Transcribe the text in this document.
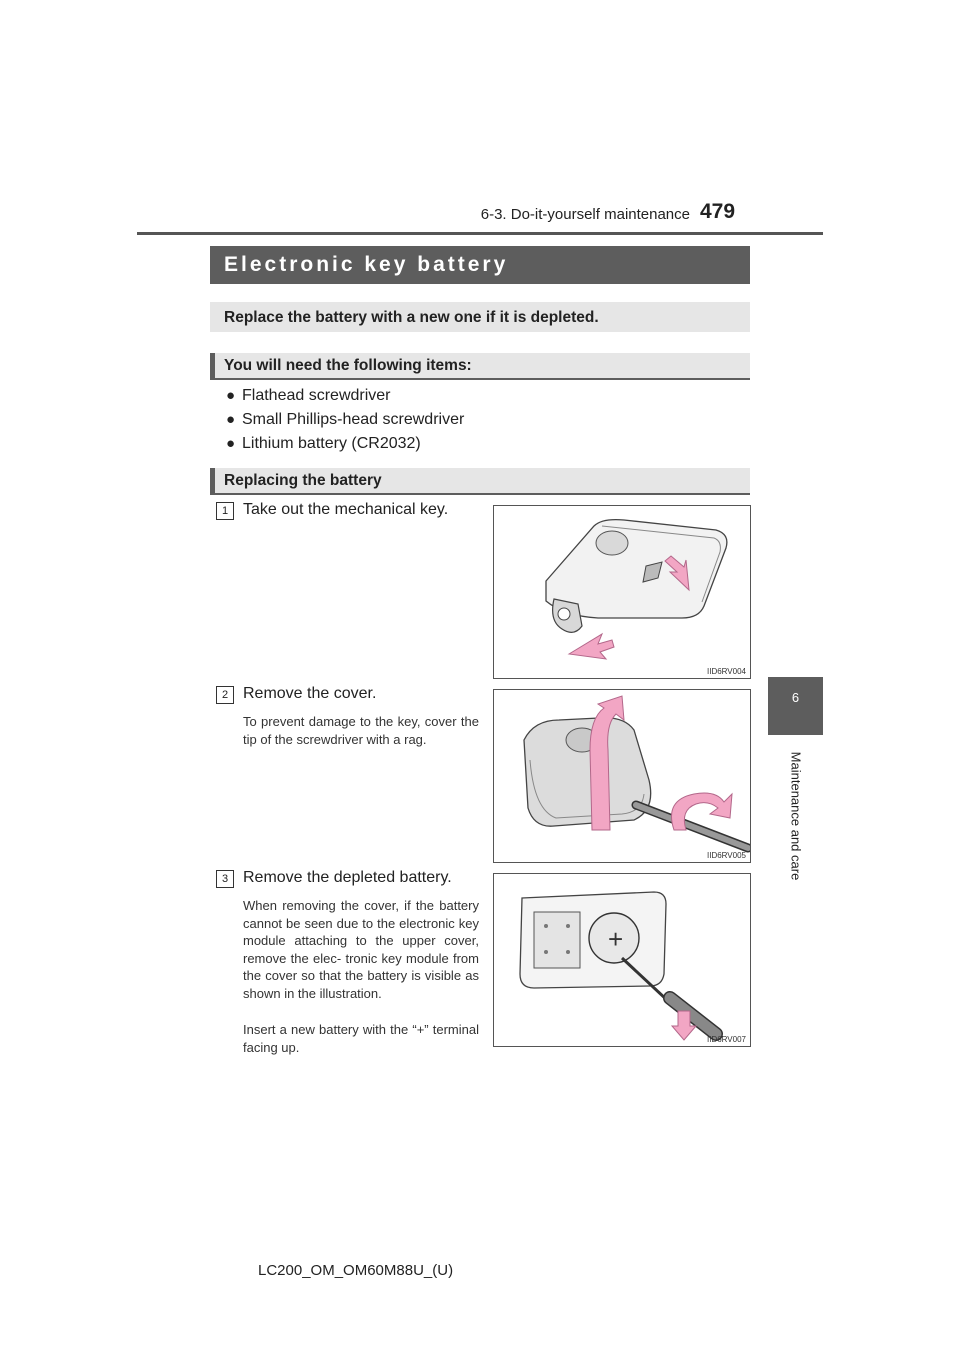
6-3. Do-it-yourself maintenance 479
6
Maintenance and care
Electronic key battery
Replace the battery with a new one if it is depleted.
You will need the following items:
● Flathead screwdriver
● Small Phillips-head screwdriver
● Lithium battery (CR2032)
Replacing the battery
1 Take out the mechanical key.
IID6RV004
2 Remove the cover.
To prevent damage to the key, cover the tip of the screwdriver with a rag.
IID6RV005
3 Remove the depleted battery.
When removing the cover, if the battery cannot be seen due to the electronic key module attaching to the upper cover, remove the elec- tronic key module from the cover so that the battery is visible as shown in the illustration.
Insert a new battery with the “+” terminal facing up.
+
IID6RV007
LC200_OM_OM60M88U_(U)
